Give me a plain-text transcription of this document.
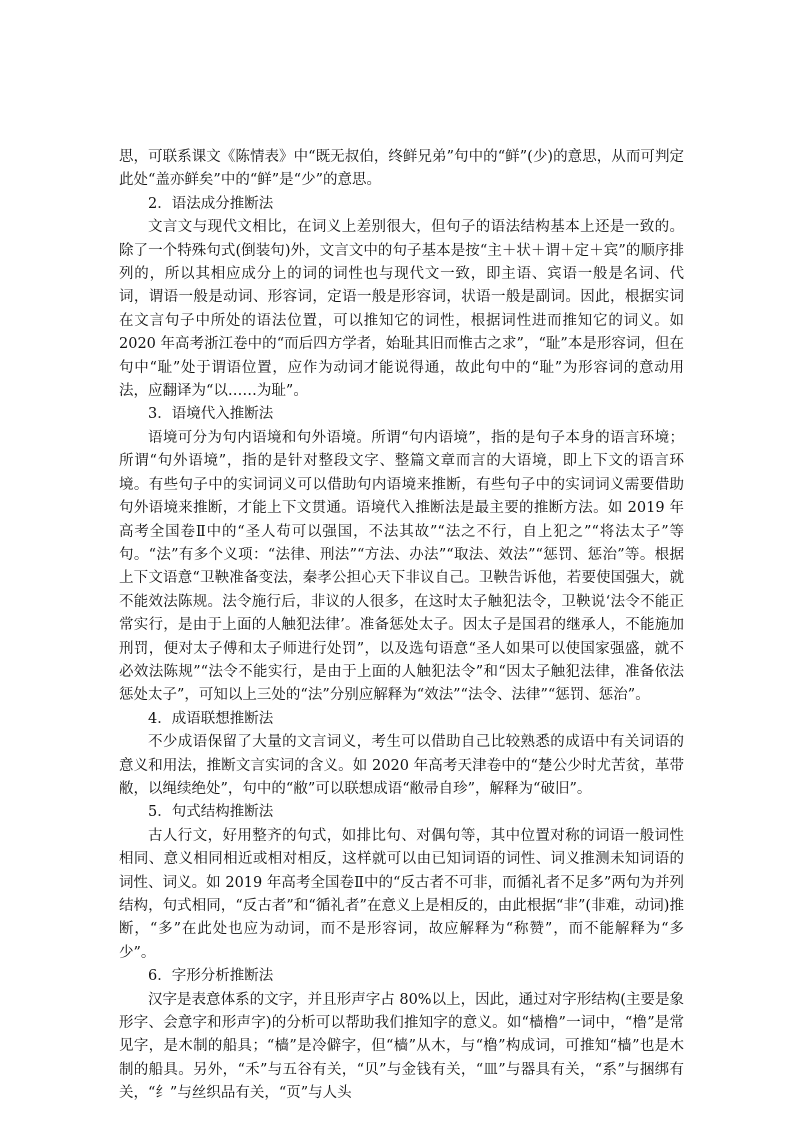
思，可联系课文《陈情表》中“既无叔伯，终鲜兄弟”句中的“鲜”(少)的意思，从而可判定此处“盖亦鲜矣”中的“鲜”是“少”的意思。

2．语法成分推断法

文言文与现代文相比，在词义上差别很大，但句子的语法结构基本上还是一致的。除了一个特殊句式(倒装句)外，文言文中的句子基本是按“主＋状＋谓＋定＋宾”的顺序排列的，所以其相应成分上的词的词性也与现代文一致，即主语、宾语一般是名词、代词，谓语一般是动词、形容词，定语一般是形容词，状语一般是副词。因此，根据实词在文言句子中所处的语法位置，可以推知它的词性，根据词性进而推知它的词义。如 2020 年高考浙江卷中的“而后四方学者，始耻其旧而惟古之求”，“耻”本是形容词，但在句中“耻”处于谓语位置，应作为动词才能说得通，故此句中的“耻”为形容词的意动用法，应翻译为“以……为耻”。

3．语境代入推断法

语境可分为句内语境和句外语境。所谓“句内语境”，指的是句子本身的语言环境；所谓“句外语境”，指的是针对整段文字、整篇文章而言的大语境，即上下文的语言环境。有些句子中的实词词义可以借助句内语境来推断，有些句子中的实词词义需要借助句外语境来推断，才能上下文贯通。语境代入推断法是最主要的推断方法。如 2019 年高考全国卷Ⅱ中的“圣人苟可以强国，不法其故”“法之不行，自上犯之”“将法太子”等句。“法”有多个义项：“法律、刑法”“方法、办法”“取法、效法”“惩罚、惩治”等。根据上下文语意“卫鞅准备变法，秦孝公担心天下非议自己。卫鞅告诉他，若要使国强大，就不能效法陈规。法令施行后，非议的人很多，在这时太子触犯法令，卫鞅说‘法令不能正常实行，是由于上面的人触犯法律’。准备惩处太子。因太子是国君的继承人，不能施加刑罚，便对太子傅和太子师进行处罚”，以及选句语意“圣人如果可以使国家强盛，就不必效法陈规”“法令不能实行，是由于上面的人触犯法令”和“因太子触犯法律，准备依法惩处太子”，可知以上三处的“法”分别应解释为“效法”“法令、法律”“惩罚、惩治”。

4．成语联想推断法

不少成语保留了大量的文言词义，考生可以借助自己比较熟悉的成语中有关词语的意义和用法，推断文言实词的含义。如 2020 年高考天津卷中的“楚公少时尤苦贫，革带敝，以绳续绝处”，句中的“敝”可以联想成语“敝帚自珍”，解释为“破旧”。

5．句式结构推断法

古人行文，好用整齐的句式，如排比句、对偶句等，其中位置对称的词语一般词性相同、意义相同相近或相对相反，这样就可以由已知词语的词性、词义推测未知词语的词性、词义。如 2019 年高考全国卷Ⅱ中的“反古者不可非，而循礼者不足多”两句为并列结构，句式相同，“反古者”和“循礼者”在意义上是相反的，由此根据“非”(非难，动词)推断，“多”在此处也应为动词，而不是形容词，故应解释为“称赞”，而不能解释为“多少”。

6．字形分析推断法

汉字是表意体系的文字，并且形声字占 80%以上，因此，通过对字形结构(主要是象形字、会意字和形声字)的分析可以帮助我们推知字的意义。如“樯橹”一词中，“橹”是常见字，是木制的船具；“樯”是冷僻字，但“樯”从木，与“橹”构成词，可推知“樯”也是木制的船具。另外，“禾”与五谷有关，“贝”与金钱有关，“皿”与器具有关，“系”与捆绑有关，“纟”与丝织品有关，“页”与人头
